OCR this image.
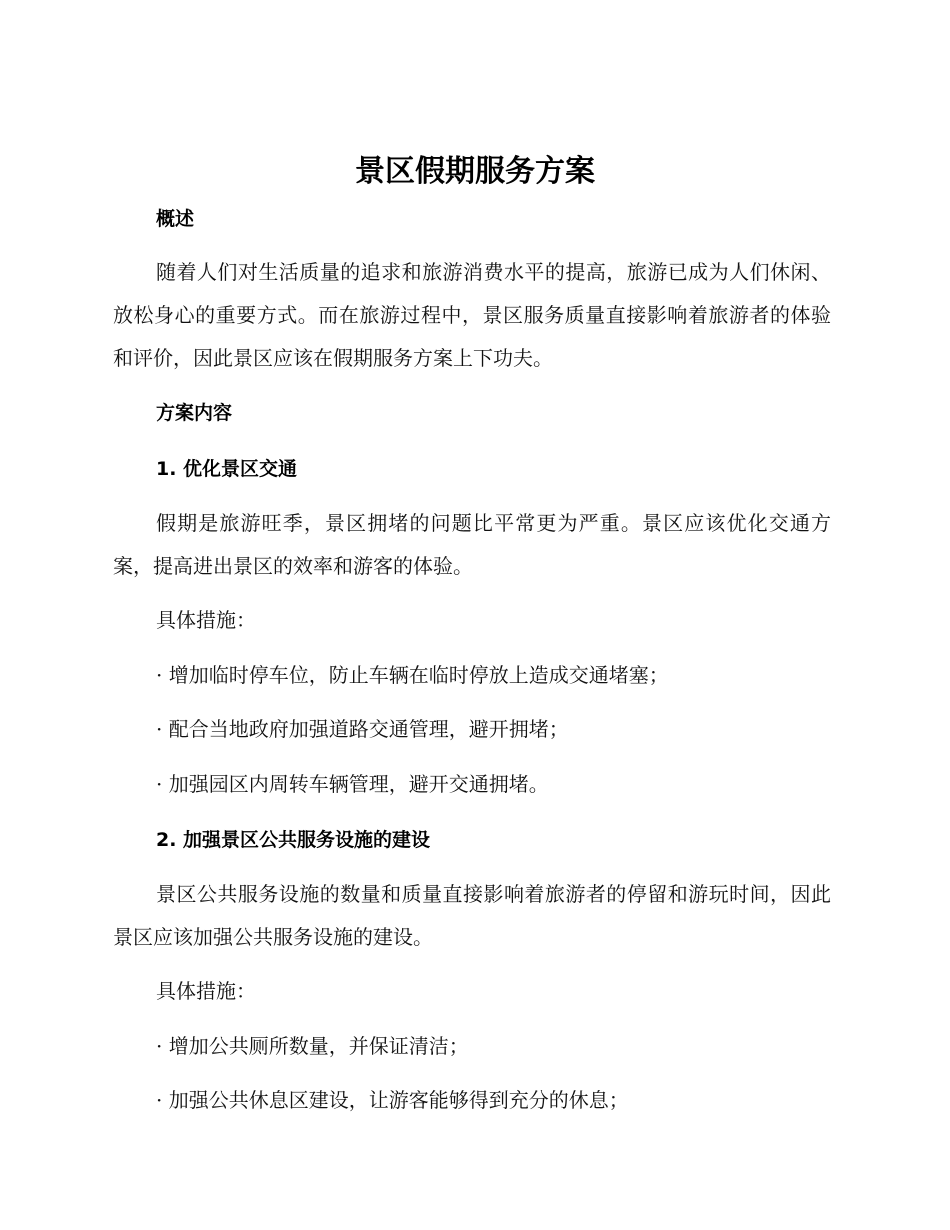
景区假期服务方案
概述

随着人们对生活质量的追求和旅游消费水平的提高，旅游已成为人们休闲、放松身心的重要方式。而在旅游过程中，景区服务质量直接影响着旅游者的体验和评价，因此景区应该在假期服务方案上下功夫。

方案内容
1. 优化景区交通

假期是旅游旺季，景区拥堵的问题比平常更为严重。景区应该优化交通方案，提高进出景区的效率和游客的体验。

具体措施：
· 增加临时停车位，防止车辆在临时停放上造成交通堵塞；
· 配合当地政府加强道路交通管理，避开拥堵；
· 加强园区内周转车辆管理，避开交通拥堵。
2. 加强景区公共服务设施的建设

景区公共服务设施的数量和质量直接影响着旅游者的停留和游玩时间，因此景区应该加强公共服务设施的建设。

具体措施：
· 增加公共厕所数量，并保证清洁；
· 加强公共休息区建设，让游客能够得到充分的休息；
